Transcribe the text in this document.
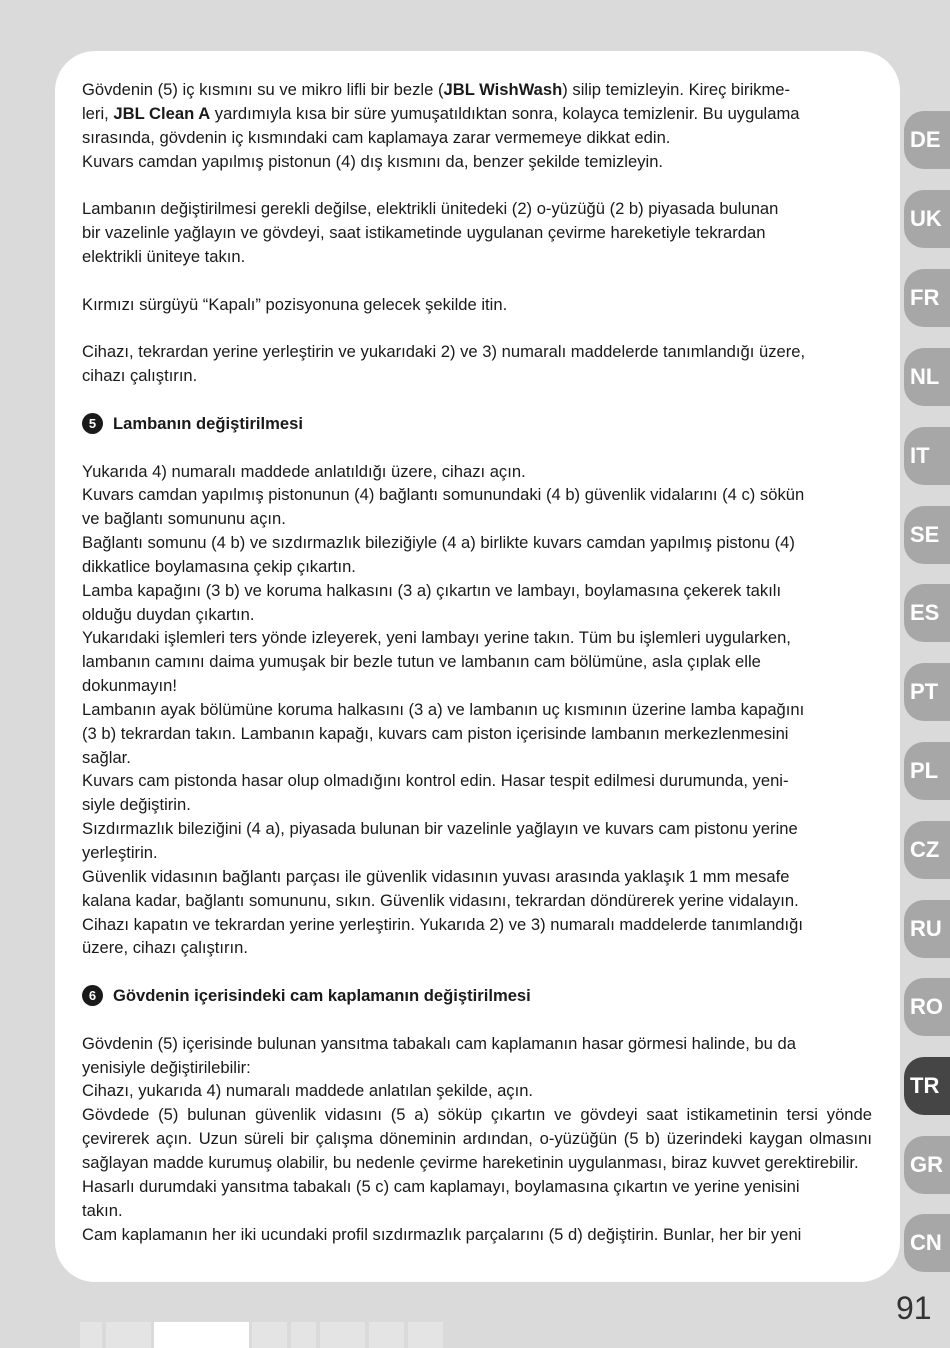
Gövdenin (5) iç kısmını su ve mikro lifli bir bezle (JBL WishWash) silip temizleyin. Kireç birikme-
leri, JBL Clean A yardımıyla kısa bir süre yumuşatıldıktan sonra, kolayca temizlenir. Bu uygulama
sırasında, gövdenin iç kısmındaki cam kaplamaya zarar vermemeye dikkat edin.
Kuvars camdan yapılmış pistonun (4) dış kısmını da, benzer şekilde temizleyin.

Lambanın değiştirilmesi gerekli değilse, elektrikli ünitedeki (2) o-yüzüğü (2 b) piyasada bulunan
bir vazelinle yağlayın ve gövdeyi, saat istikametinde uygulanan çevirme hareketiyle tekrardan
elektrikli üniteye takın.

Kırmızı sürgüyü “Kapalı” pozisyonuna gelecek şekilde itin.

Cihazı, tekrardan yerine yerleştirin ve yukarıdaki 2) ve 3) numaralı maddelerde tanımlandığı üzere,
cihazı çalıştırın.

5	Lambanın değiştirilmesi

Yukarıda 4) numaralı maddede anlatıldığı üzere, cihazı açın.
Kuvars camdan yapılmış pistonunun (4) bağlantı somunundaki (4 b) güvenlik vidalarını (4 c) sökün
ve bağlantı somununu açın.
Bağlantı somunu (4 b) ve sızdırmazlık bileziğiyle (4 a) birlikte kuvars camdan yapılmış pistonu (4)
dikkatlice boylamasına çekip çıkartın.
Lamba kapağını (3 b) ve koruma halkasını (3 a) çıkartın ve lambayı, boylamasına çekerek takılı
olduğu duydan çıkartın.
Yukarıdaki işlemleri ters yönde izleyerek, yeni lambayı yerine takın. Tüm bu işlemleri uygularken,
lambanın camını daima yumuşak bir bezle tutun ve lambanın cam bölümüne, asla çıplak elle
dokunmayın!
Lambanın ayak bölümüne koruma halkasını (3 a) ve lambanın uç kısmının üzerine lamba kapağını
(3 b) tekrardan takın. Lambanın kapağı, kuvars cam piston içerisinde lambanın merkezlenmesini
sağlar.
Kuvars cam pistonda hasar olup olmadığını kontrol edin. Hasar tespit edilmesi durumunda, yeni-
siyle değiştirin.
Sızdırmazlık bileziğini (4 a), piyasada bulunan bir vazelinle yağlayın ve kuvars cam pistonu yerine
yerleştirin.
Güvenlik vidasının bağlantı parçası ile güvenlik vidasının yuvası arasında yaklaşık 1 mm mesafe
kalana kadar, bağlantı somununu, sıkın. Güvenlik vidasını, tekrardan döndürerek yerine vidalayın.
Cihazı kapatın ve tekrardan yerine yerleştirin. Yukarıda 2) ve 3) numaralı maddelerde tanımlandığı
üzere, cihazı çalıştırın.

6	Gövdenin içerisindeki cam kaplamanın değiştirilmesi

Gövdenin (5) içerisinde bulunan yansıtma tabakalı cam kaplamanın hasar görmesi halinde, bu da
yenisiyle değiştirilebilir:
Cihazı, yukarıda 4) numaralı maddede anlatılan şekilde, açın.

Gövdede (5) bulunan güvenlik vidasını (5 a) söküp çıkartın ve gövdeyi saat istikametinin tersi yönde çevirerek açın. Uzun süreli bir çalışma döneminin ardından, o-yüzüğün (5 b) üzerindeki kaygan olmasını sağlayan madde kurumuş olabilir, bu nedenle çevirme hareketinin uygulanması, biraz kuvvet gerektirebilir.

Hasarlı durumdaki yansıtma tabakalı (5 c) cam kaplamayı, boylamasına çıkartın ve yerine yenisini
takın.
Cam kaplamanın her iki ucundaki profil sızdırmazlık parçalarını (5 d) değiştirin. Bunlar, her bir yeni

DE
UK
FR
NL
IT
SE
ES
PT
PL
CZ
RU
RO
TR
GR
CN
91
